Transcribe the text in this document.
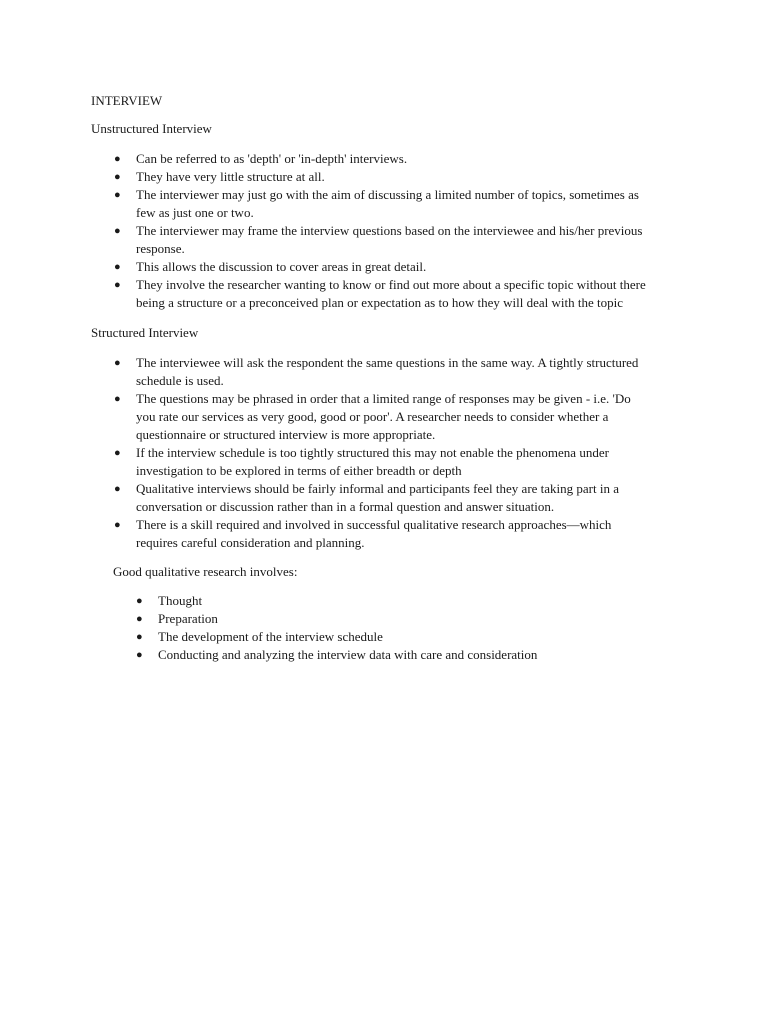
INTERVIEW
Unstructured Interview
● Can be referred to as 'depth' or 'in-depth' interviews.
● They have very little structure at all.
● The interviewer may just go with the aim of discussing a limited number of topics, sometimes as
few as just one or two.
● The interviewer may frame the interview questions based on the interviewee and his/her previous
response.
● This allows the discussion to cover areas in great detail.
● They involve the researcher wanting to know or find out more about a specific topic without there
being a structure or a preconceived plan or expectation as to how they will deal with the topic
Structured Interview
● The interviewee will ask the respondent the same questions in the same way. A tightly structured
schedule is used.
● The questions may be phrased in order that a limited range of responses may be given - i.e. 'Do
you rate our services as very good, good or poor'. A researcher needs to consider whether a
questionnaire or structured interview is more appropriate.
● If the interview schedule is too tightly structured this may not enable the phenomena under
investigation to be explored in terms of either breadth or depth
● Qualitative interviews should be fairly informal and participants feel they are taking part in a
conversation or discussion rather than in a formal question and answer situation.
● There is a skill required and involved in successful qualitative research approaches—which
requires careful consideration and planning.

Good qualitative research involves:

● Thought
● Preparation
● The development of the interview schedule
● Conducting and analyzing the interview data with care and consideration
